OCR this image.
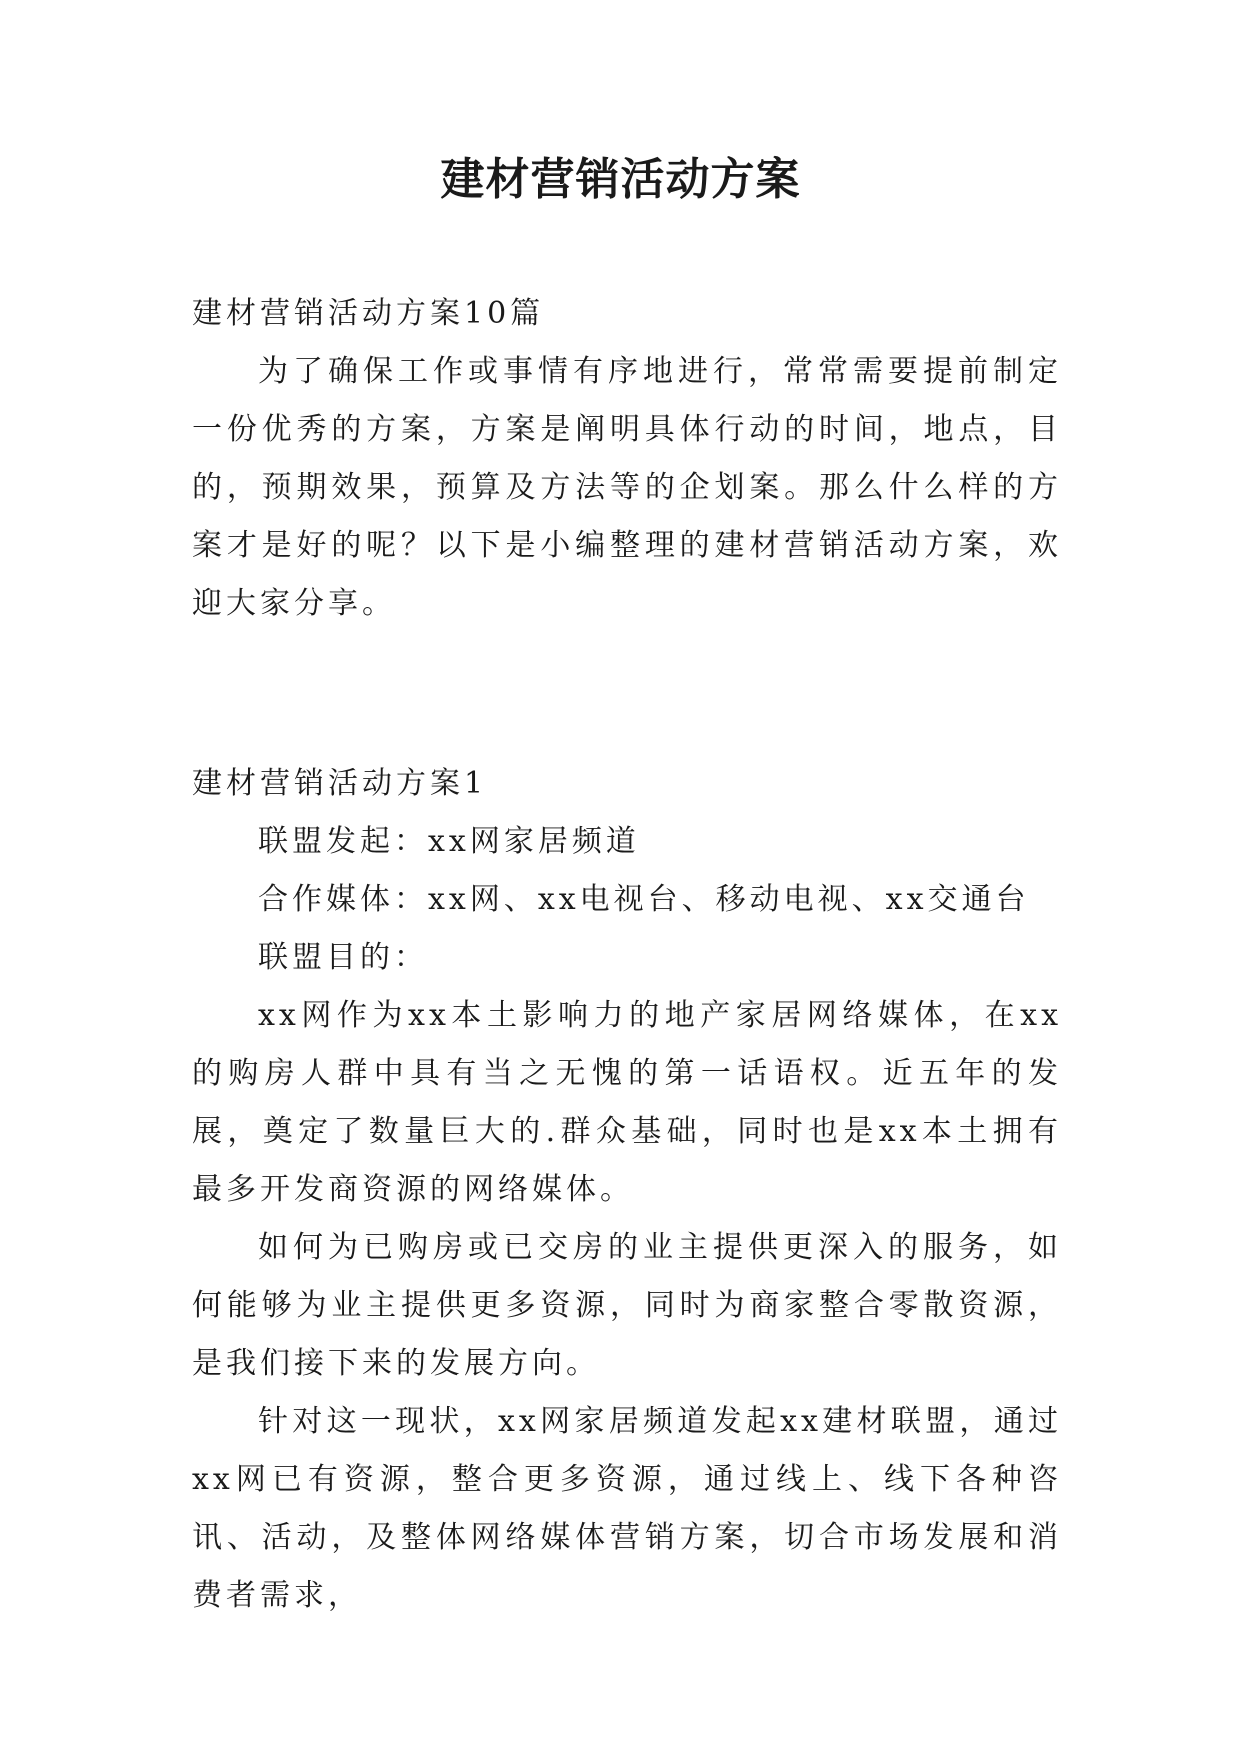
建材营销活动方案

建材营销活动方案10篇

为了确保工作或事情有序地进行，常常需要提前制定一份优秀的方案，方案是阐明具体行动的时间，地点，目的，预期效果，预算及方法等的企划案。那么什么样的方案才是好的呢？以下是小编整理的建材营销活动方案，欢迎大家分享。

建材营销活动方案1

联盟发起：xx网家居频道

合作媒体：xx网、xx电视台、移动电视、xx交通台

联盟目的：

xx网作为xx本土影响力的地产家居网络媒体，在xx的购房人群中具有当之无愧的第一话语权。近五年的发展，奠定了数量巨大的.群众基础，同时也是xx本土拥有最多开发商资源的网络媒体。

如何为已购房或已交房的业主提供更深入的服务，如何能够为业主提供更多资源，同时为商家整合零散资源，是我们接下来的发展方向。

针对这一现状，xx网家居频道发起xx建材联盟，通过xx网已有资源，整合更多资源，通过线上、线下各种咨讯、活动，及整体网络媒体营销方案，切合市场发展和消费者需求，
